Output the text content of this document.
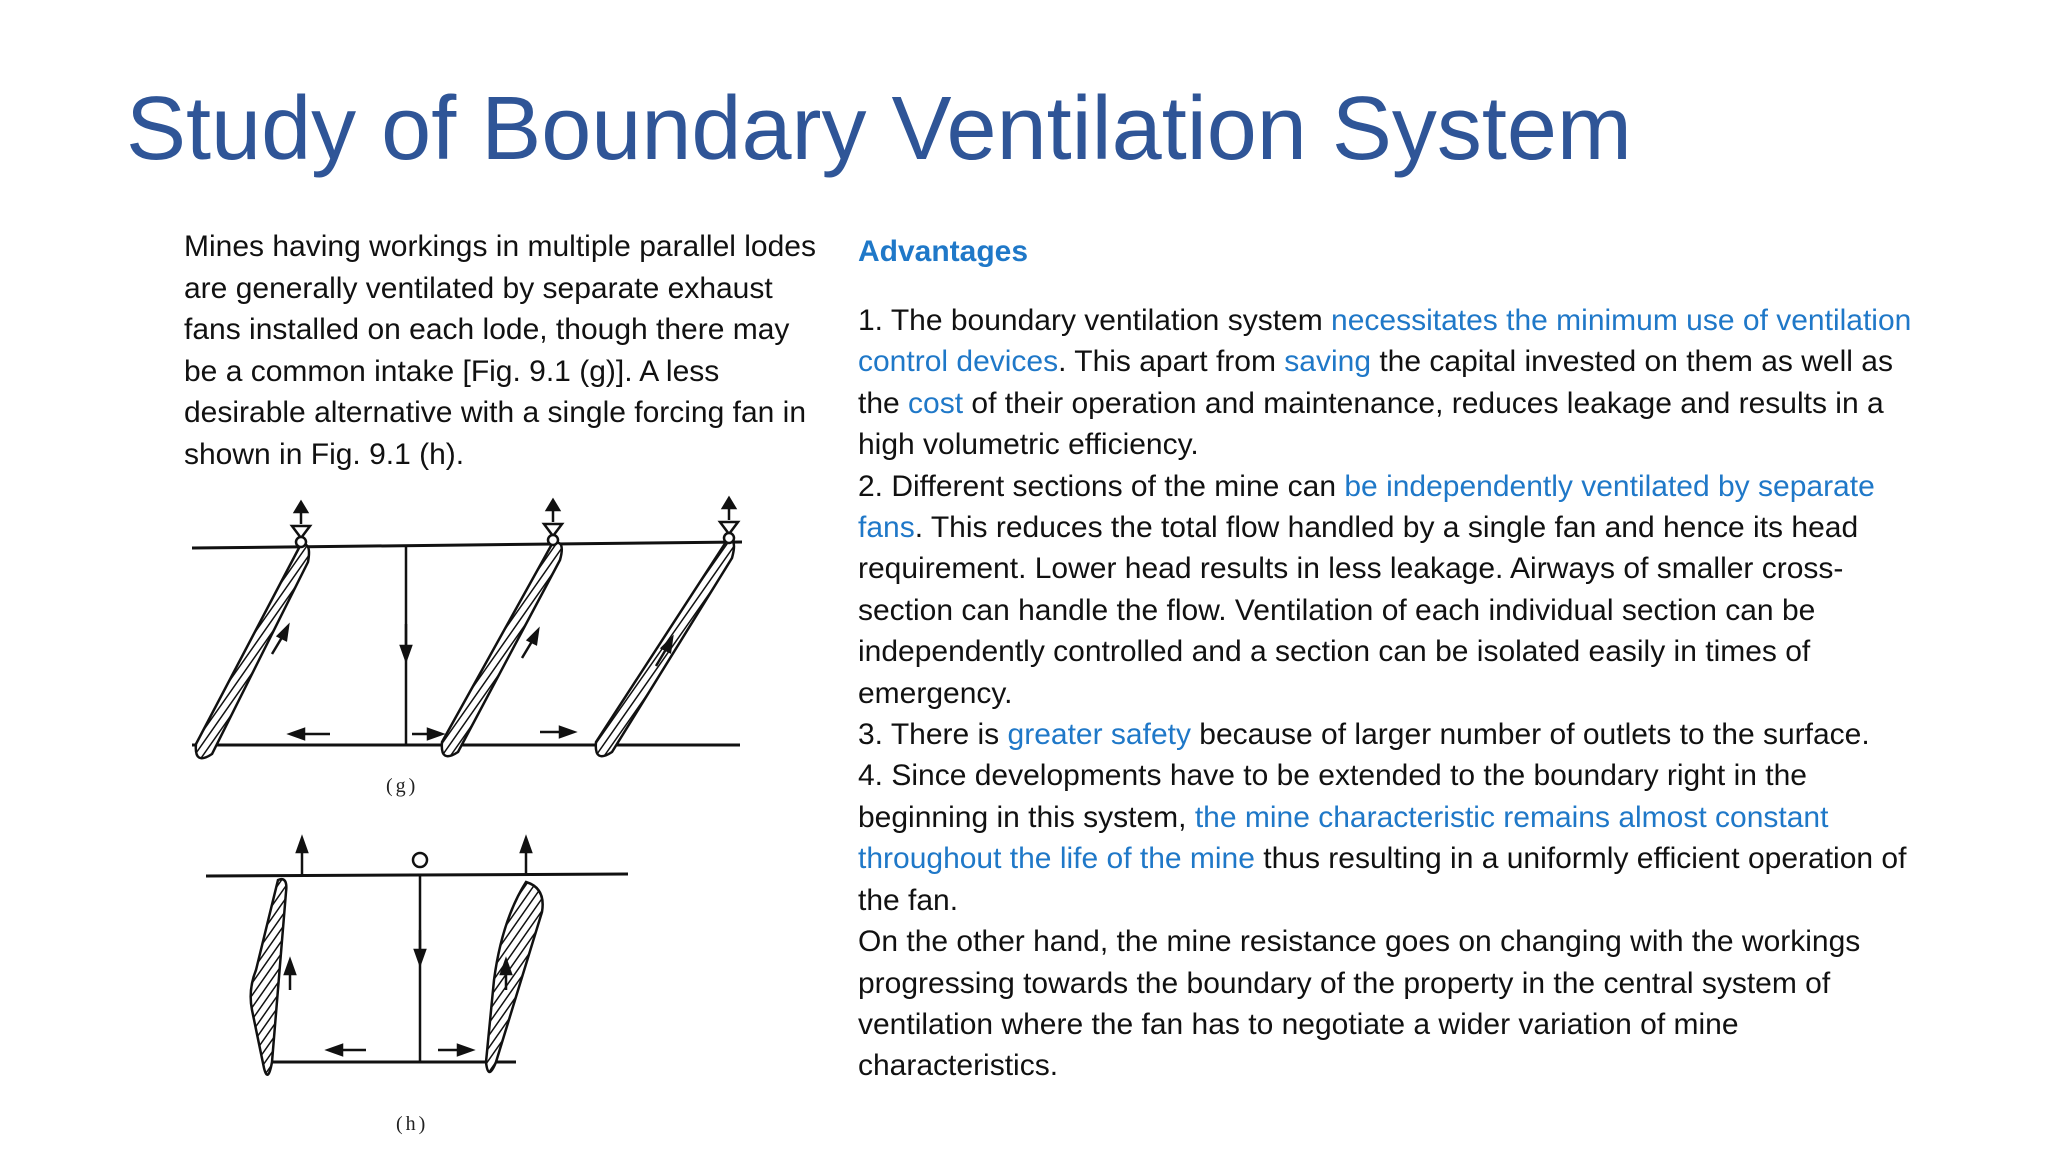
Study of Boundary Ventilation System

Mines having workings in multiple parallel lodes are generally ventilated by separate exhaust fans installed on each lode, though there may be a common intake [Fig. 9.1 (g)]. A less desirable alternative with a single forcing fan in shown in Fig. 9.1 (h).

(g)
(h)
Advantages

1. The boundary ventilation system necessitates the minimum use of ventilation control devices. This apart from saving the capital invested on them as well as the cost of their operation and maintenance, reduces leakage and results in a high volumetric efficiency.

2. Different sections of the mine can be independently ventilated by separate fans. This reduces the total flow handled by a single fan and hence its head requirement. Lower head results in less leakage. Airways of smaller cross-section can handle the flow. Ventilation of each individual section can be independently controlled and a section can be isolated easily in times of emergency.

3. There is greater safety because of larger number of outlets to the surface.

4. Since developments have to be extended to the boundary right in the beginning in this system, the mine characteristic remains almost constant throughout the life of the mine thus resulting in a uniformly efficient operation of the fan.

On the other hand, the mine resistance goes on changing with the workings progressing towards the boundary of the property in the central system of ventilation where the fan has to negotiate a wider variation of mine characteristics.
